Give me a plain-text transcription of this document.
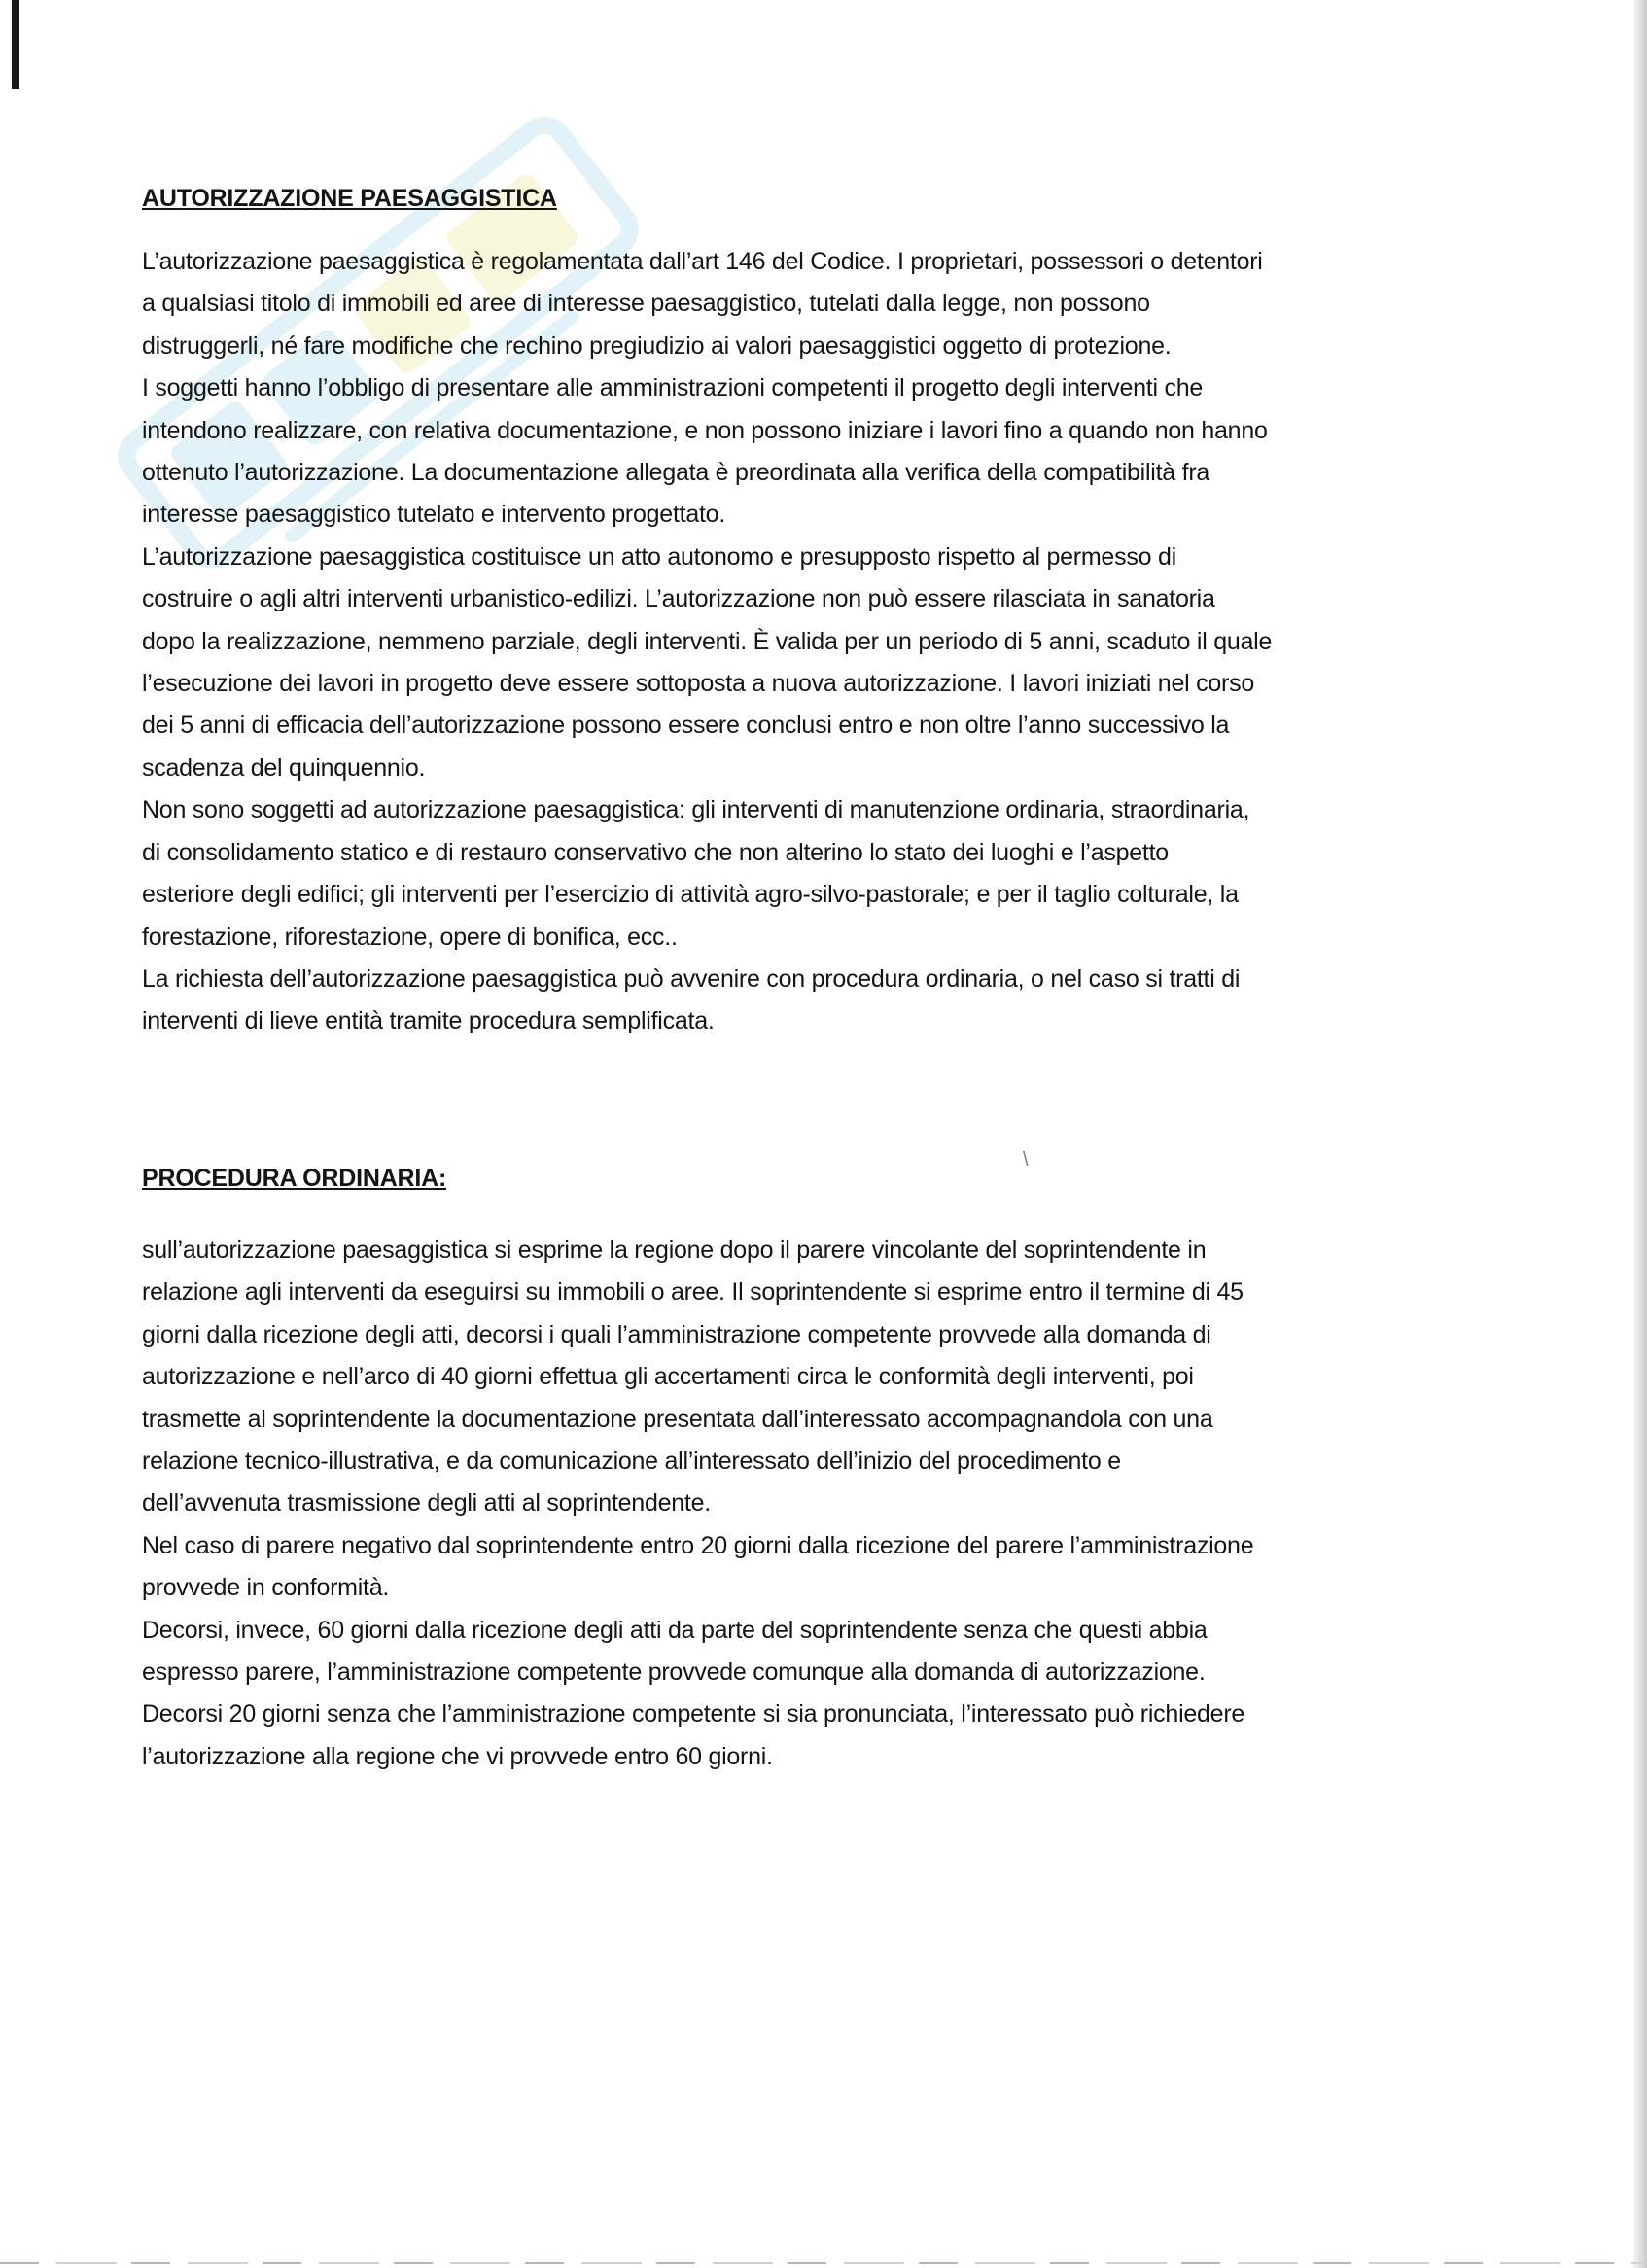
\
AUTORIZZAZIONE PAESAGGISTICA

L’autorizzazione paesaggistica è regolamentata dall’art 146 del Codice. I proprietari, possessori o detentori
a qualsiasi titolo di immobili ed aree di interesse paesaggistico, tutelati dalla legge, non possono
distruggerli, né fare modifiche che rechino pregiudizio ai valori paesaggistici oggetto di protezione.
I soggetti hanno l’obbligo di presentare alle amministrazioni competenti il progetto degli interventi che
intendono realizzare, con relativa documentazione, e non possono iniziare i lavori fino a quando non hanno
ottenuto l’autorizzazione. La documentazione allegata è preordinata alla verifica della compatibilità fra
interesse paesaggistico tutelato e intervento progettato.
L’autorizzazione paesaggistica costituisce un atto autonomo e presupposto rispetto al permesso di
costruire o agli altri interventi urbanistico-edilizi. L’autorizzazione non può essere rilasciata in sanatoria
dopo la realizzazione, nemmeno parziale, degli interventi. È valida per un periodo di 5 anni, scaduto il quale
l’esecuzione dei lavori in progetto deve essere sottoposta a nuova autorizzazione. I lavori iniziati nel corso
dei 5 anni di efficacia dell’autorizzazione possono essere conclusi entro e non oltre l’anno successivo la
scadenza del quinquennio.
Non sono soggetti ad autorizzazione paesaggistica: gli interventi di manutenzione ordinaria, straordinaria,
di consolidamento statico e di restauro conservativo che non alterino lo stato dei luoghi e l’aspetto
esteriore degli edifici; gli interventi per l’esercizio di attività agro-silvo-pastorale; e per il taglio colturale, la
forestazione, riforestazione, opere di bonifica, ecc..
La richiesta dell’autorizzazione paesaggistica può avvenire con procedura ordinaria, o nel caso si tratti di
interventi di lieve entità tramite procedura semplificata.

PROCEDURA ORDINARIA:

sull’autorizzazione paesaggistica si esprime la regione dopo il parere vincolante del soprintendente in
relazione agli interventi da eseguirsi su immobili o aree. Il soprintendente si esprime entro il termine di 45
giorni dalla ricezione degli atti, decorsi i quali l’amministrazione competente provvede alla domanda di
autorizzazione e nell’arco di 40 giorni effettua gli accertamenti circa le conformità degli interventi, poi
trasmette al soprintendente la documentazione presentata dall’interessato accompagnandola con una
relazione tecnico-illustrativa, e da comunicazione all’interessato dell’inizio del procedimento e
dell’avvenuta trasmissione degli atti al soprintendente.
Nel caso di parere negativo dal soprintendente entro 20 giorni dalla ricezione del parere l’amministrazione
provvede in conformità.
Decorsi, invece, 60 giorni dalla ricezione degli atti da parte del soprintendente senza che questi abbia
espresso parere, l’amministrazione competente provvede comunque alla domanda di autorizzazione.
Decorsi 20 giorni senza che l’amministrazione competente si sia pronunciata, l’interessato può richiedere
l’autorizzazione alla regione che vi provvede entro 60 giorni.
